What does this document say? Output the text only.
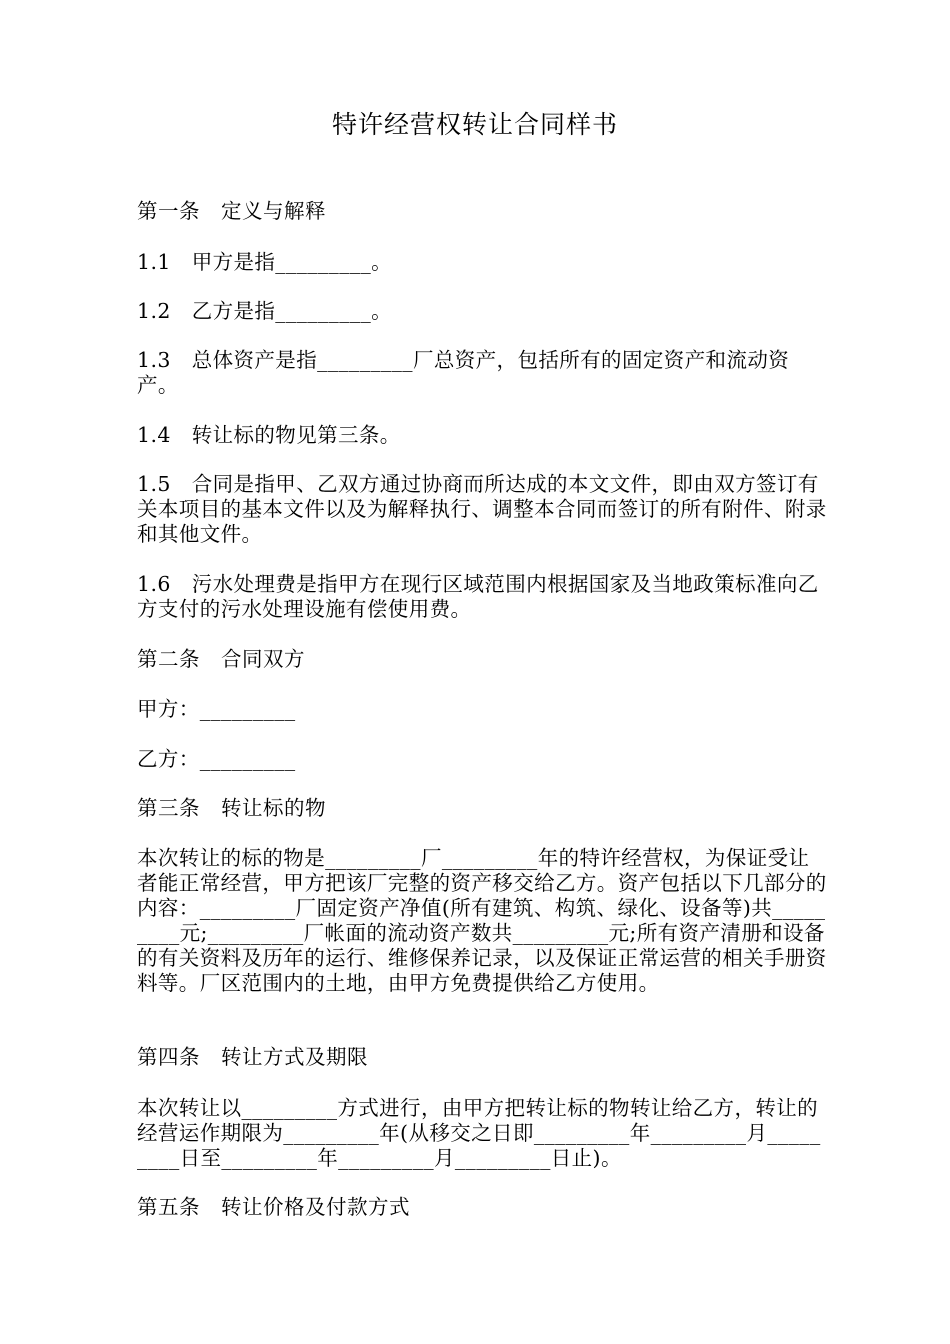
特许经营权转让合同样书
第一条　定义与解释
1.1　甲方是指_________。
1.2　乙方是指_________。
1.3　总体资产是指_________厂总资产，包括所有的固定资产和流动资产。
1.4　转让标的物见第三条。
1.5　合同是指甲、乙双方通过协商而所达成的本文文件，即由双方签订有关本项目的基本文件以及为解释执行、调整本合同而签订的所有附件、附录和其他文件。
1.6　污水处理费是指甲方在现行区域范围内根据国家及当地政策标准向乙方支付的污水处理设施有偿使用费。
第二条　合同双方
甲方：_________
乙方：_________
第三条　转让标的物
本次转让的标的物是_________厂_________年的特许经营权，为保证受让者能正常经营，甲方把该厂完整的资产移交给乙方。资产包括以下几部分的内容：_________厂固定资产净值(所有建筑、构筑、绿化、设备等)共_________元;_________厂帐面的流动资产数共_________元;所有资产清册和设备的有关资料及历年的运行、维修保养记录，以及保证正常运营的相关手册资料等。厂区范围内的土地，由甲方免费提供给乙方使用。
第四条　转让方式及期限
本次转让以_________方式进行，由甲方把转让标的物转让给乙方，转让的经营运作期限为_________年(从移交之日即_________年_________月_________日至_________年_________月_________日止)。
第五条　转让价格及付款方式
